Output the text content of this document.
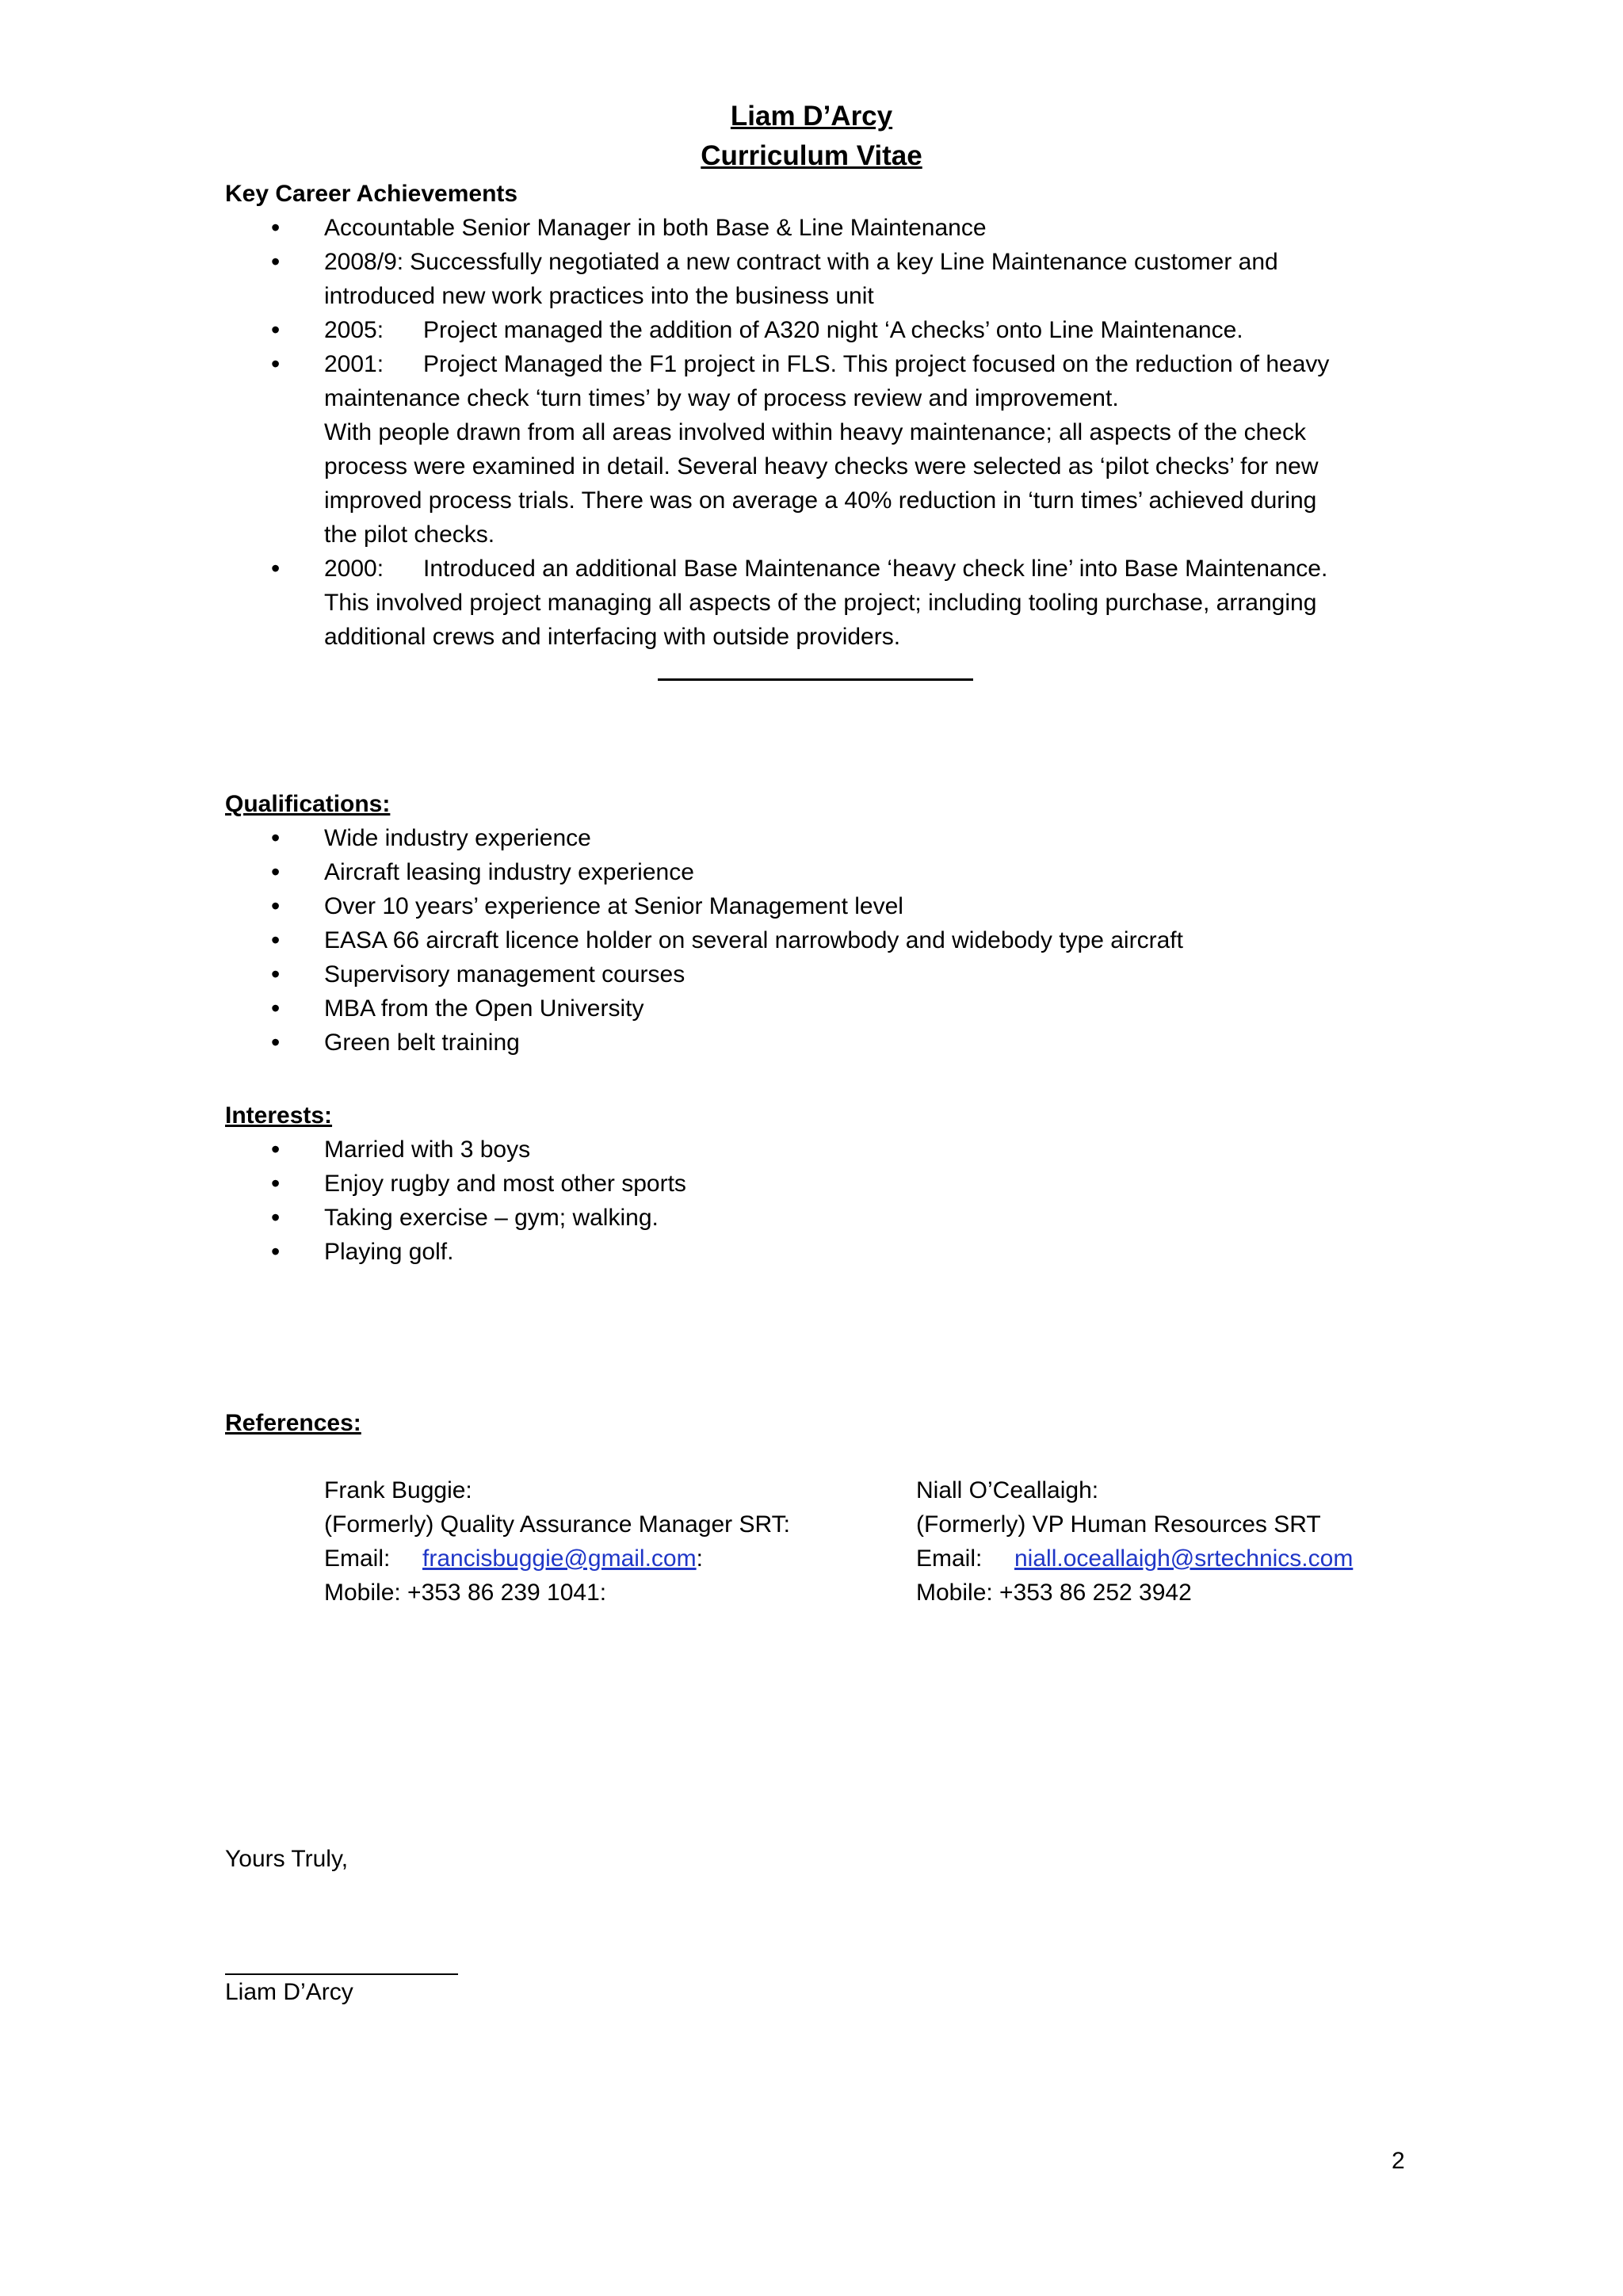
Liam D’Arcy
Curriculum Vitae
Key Career Achievements
• Accountable Senior Manager in both Base & Line Maintenance
• 2008/9: Successfully negotiated a new contract with a key Line Maintenance customer and
introduced new work practices into the business unit
• 2005: Project managed the addition of A320 night ‘A checks’ onto Line Maintenance.
• 2001: Project Managed the F1 project in FLS. This project focused on the reduction of heavy
maintenance check ‘turn times’ by way of process review and improvement.
With people drawn from all areas involved within heavy maintenance; all aspects of the check
process were examined in detail. Several heavy checks were selected as ‘pilot checks’ for new
improved process trials. There was on average a 40% reduction in ‘turn times’ achieved during
the pilot checks.
• 2000: Introduced an additional Base Maintenance ‘heavy check line’ into Base Maintenance.
This involved project managing all aspects of the project; including tooling purchase, arranging
additional crews and interfacing with outside providers.
Qualifications:
• Wide industry experience
• Aircraft leasing industry experience
• Over 10 years’ experience at Senior Management level
• EASA 66 aircraft licence holder on several narrowbody and widebody type aircraft
• Supervisory management courses
• MBA from the Open University
• Green belt training
Interests:
• Married with 3 boys
• Enjoy rugby and most other sports
• Taking exercise – gym; walking.
• Playing golf.
References:
Frank Buggie:
(Formerly) Quality Assurance Manager SRT:
Email: francisbuggie@gmail.com:
Mobile: +353 86 239 1041:
Niall O’Ceallaigh:
(Formerly) VP Human Resources SRT
Email: niall.oceallaigh@srtechnics.com
Mobile: +353 86 252 3942
Yours Truly,
Liam D’Arcy
2
